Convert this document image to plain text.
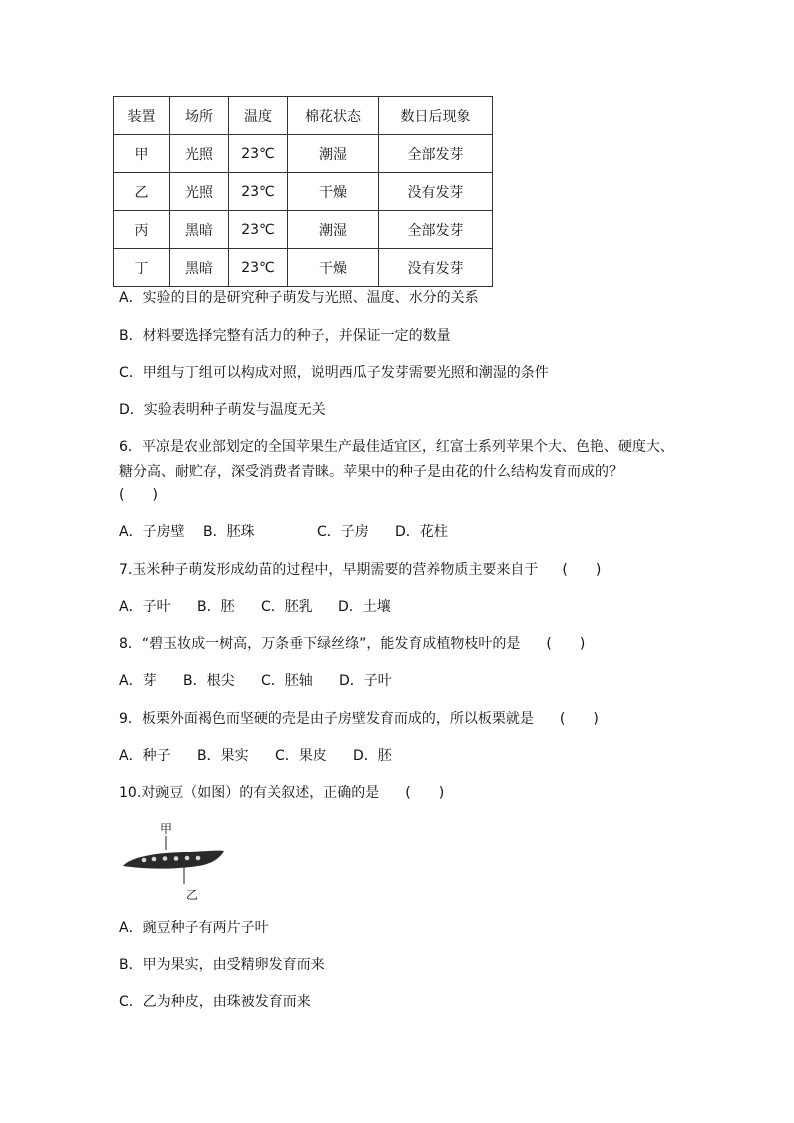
装置	场所	温度	棉花状态	数日后现象
甲	光照	23℃	潮湿	全部发芽
乙	光照	23℃	干燥	没有发芽
丙	黑暗	23℃	潮湿	全部发芽
丁	黑暗	23℃	干燥	没有发芽
A．实验的目的是研究种子萌发与光照、温度、水分的关系
B．材料要选择完整有活力的种子，并保证一定的数量
C．甲组与丁组可以构成对照，说明西瓜子发芽需要光照和潮湿的条件
D．实验表明种子萌发与温度无关
6．平凉是农业部划定的全国苹果生产最佳适宜区，红富士系列苹果个大、色艳、硬度大、
糖分高、耐贮存，深受消费者青睐。苹果中的种子是由花的什么结构发育而成的？
(　　)
A．子房壁 B．胚珠	C．子房 D．花柱
7.玉米种子萌发形成幼苗的过程中，早期需要的营养物质主要来自于 (　　)
A．子叶 B．胚 C．胚乳 D．土壤
8．“碧玉妆成一树高，万条垂下绿丝绦”，能发育成植物枝叶的是 (　　)
A．芽 B．根尖 C．胚轴 D．子叶
9．板栗外面褐色而坚硬的壳是由子房壁发育而成的，所以板栗就是 (　　)
A．种子 B．果实 C．果皮 D．胚
10.对豌豆（如图）的有关叙述，正确的是 (　　)
甲
乙
A．豌豆种子有两片子叶
B．甲为果实，由受精卵发育而来
C．乙为种皮，由珠被发育而来
